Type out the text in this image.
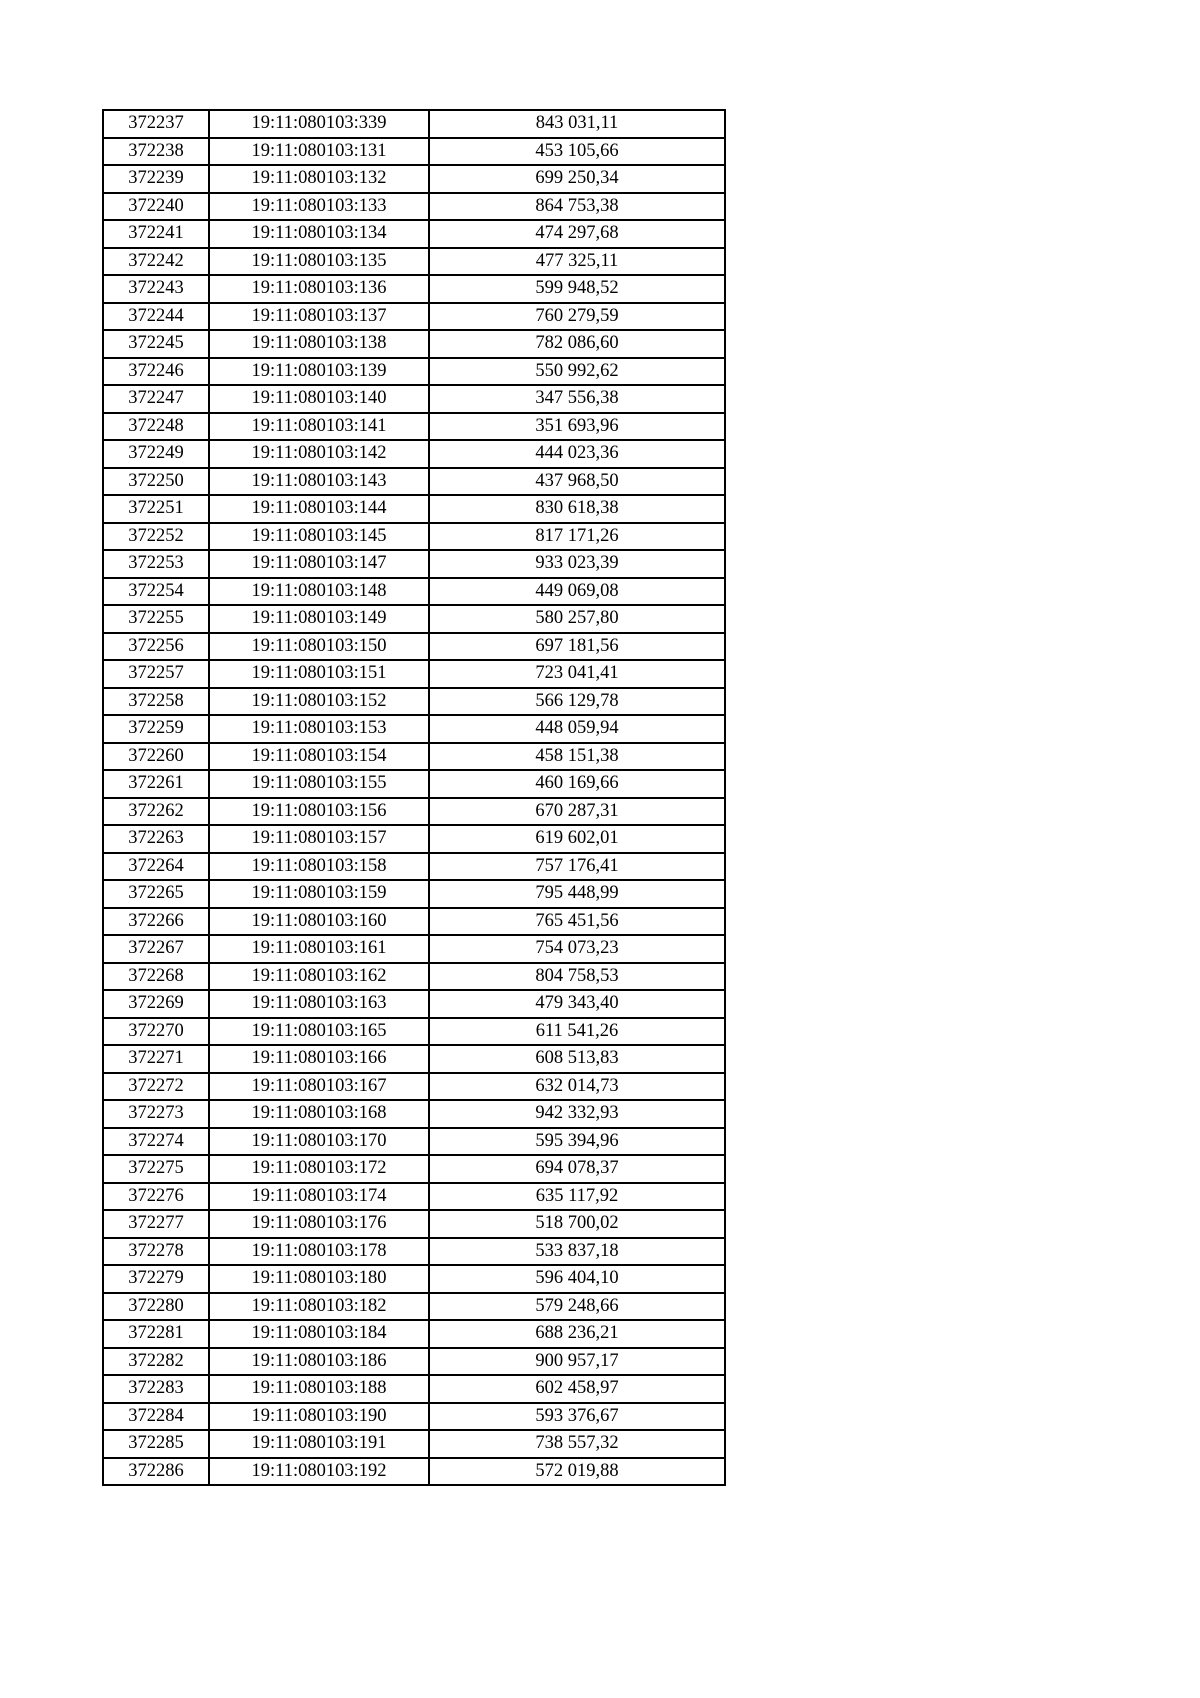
372237	19:11:080103:339	843 031,11
372238	19:11:080103:131	453 105,66
372239	19:11:080103:132	699 250,34
372240	19:11:080103:133	864 753,38
372241	19:11:080103:134	474 297,68
372242	19:11:080103:135	477 325,11
372243	19:11:080103:136	599 948,52
372244	19:11:080103:137	760 279,59
372245	19:11:080103:138	782 086,60
372246	19:11:080103:139	550 992,62
372247	19:11:080103:140	347 556,38
372248	19:11:080103:141	351 693,96
372249	19:11:080103:142	444 023,36
372250	19:11:080103:143	437 968,50
372251	19:11:080103:144	830 618,38
372252	19:11:080103:145	817 171,26
372253	19:11:080103:147	933 023,39
372254	19:11:080103:148	449 069,08
372255	19:11:080103:149	580 257,80
372256	19:11:080103:150	697 181,56
372257	19:11:080103:151	723 041,41
372258	19:11:080103:152	566 129,78
372259	19:11:080103:153	448 059,94
372260	19:11:080103:154	458 151,38
372261	19:11:080103:155	460 169,66
372262	19:11:080103:156	670 287,31
372263	19:11:080103:157	619 602,01
372264	19:11:080103:158	757 176,41
372265	19:11:080103:159	795 448,99
372266	19:11:080103:160	765 451,56
372267	19:11:080103:161	754 073,23
372268	19:11:080103:162	804 758,53
372269	19:11:080103:163	479 343,40
372270	19:11:080103:165	611 541,26
372271	19:11:080103:166	608 513,83
372272	19:11:080103:167	632 014,73
372273	19:11:080103:168	942 332,93
372274	19:11:080103:170	595 394,96
372275	19:11:080103:172	694 078,37
372276	19:11:080103:174	635 117,92
372277	19:11:080103:176	518 700,02
372278	19:11:080103:178	533 837,18
372279	19:11:080103:180	596 404,10
372280	19:11:080103:182	579 248,66
372281	19:11:080103:184	688 236,21
372282	19:11:080103:186	900 957,17
372283	19:11:080103:188	602 458,97
372284	19:11:080103:190	593 376,67
372285	19:11:080103:191	738 557,32
372286	19:11:080103:192	572 019,88
